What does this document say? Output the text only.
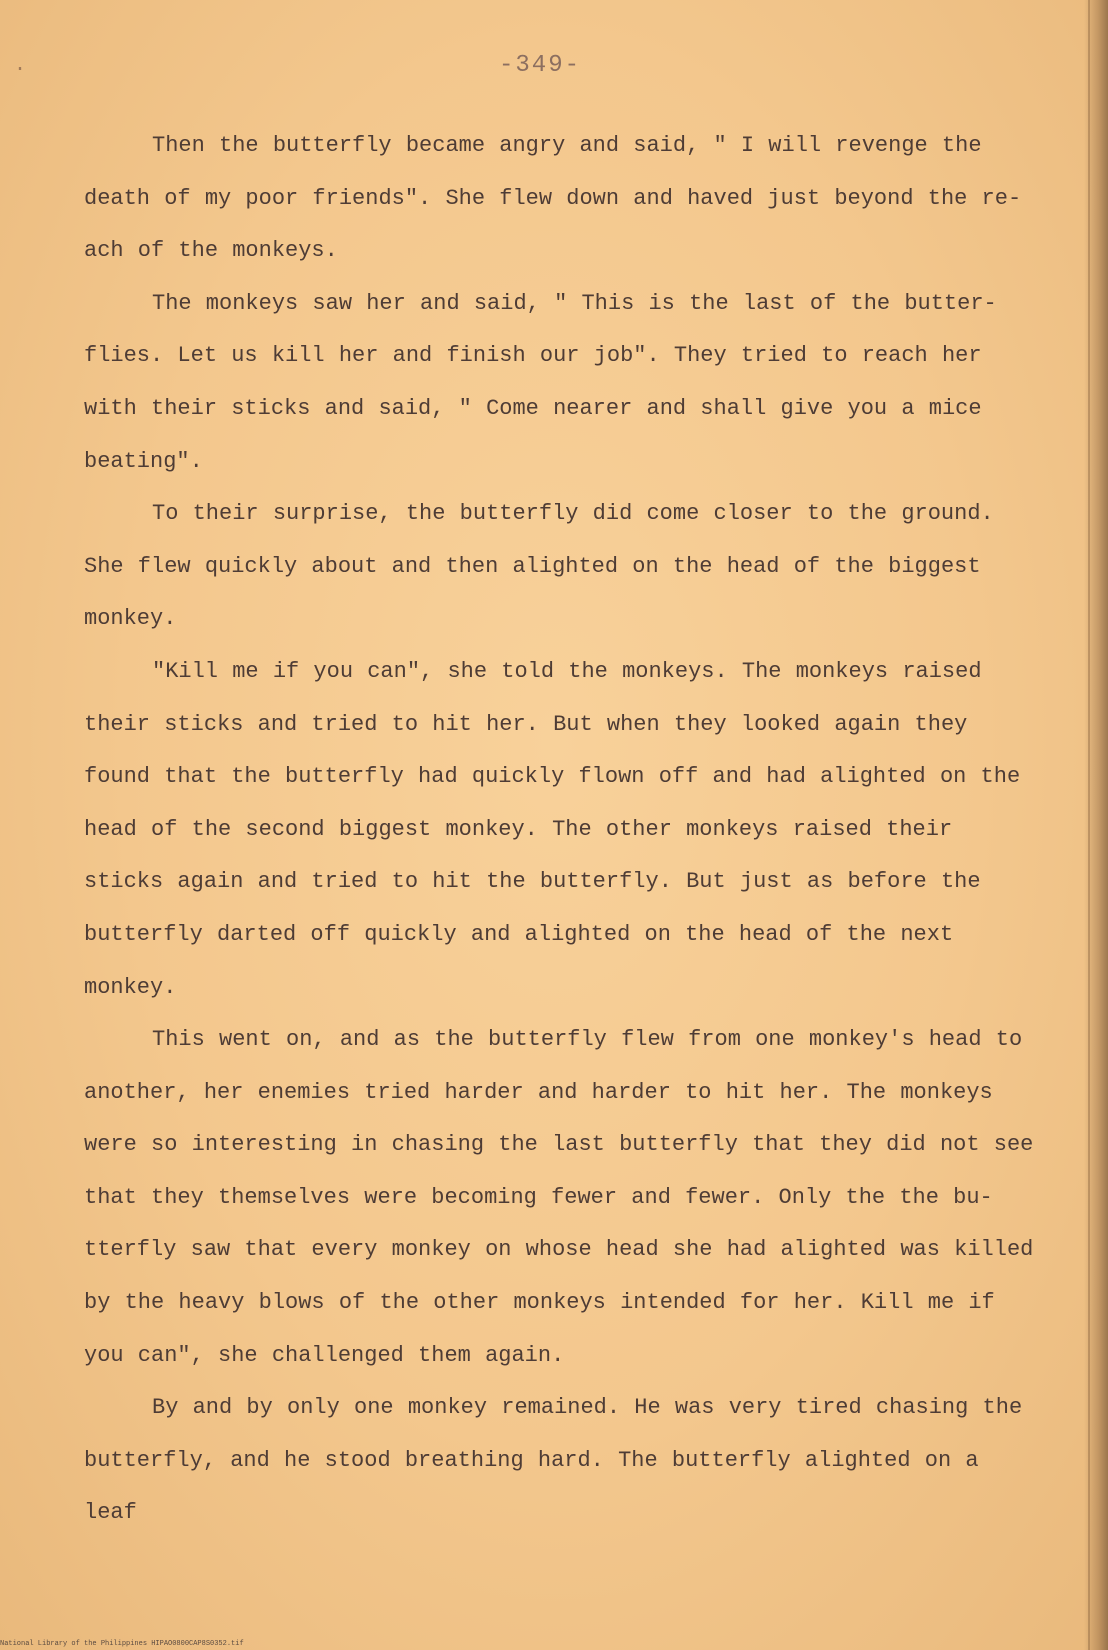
·	-349-

Then the butterfly became angry and said, " I will revenge the death of my poor friends". She flew down and haved just beyond the re- ach of the monkeys.

The monkeys saw her and said, " This is the last of the butter- flies. Let us kill her and finish our job". They tried to reach her with their sticks and said, " Come nearer and shall give you a mice beating".

To their surprise, the butterfly did come closer to the ground. She flew quickly about and then alighted on the head of the biggest monkey.

"Kill me if you can", she told the monkeys. The monkeys raised their sticks and tried to hit her. But when they looked again they found that the butterfly had quickly flown off and had alighted on the head of the second biggest monkey. The other monkeys raised their sticks again and tried to hit the butterfly. But just as before the butterfly darted off quickly and alighted on the head of the next monkey.

This went on, and as the butterfly flew from one monkey's head to another, her enemies tried harder and harder to hit her. The monkeys were so interesting in chasing the last butterfly that they did not see that they themselves were becoming fewer and fewer. Only the the bu- tterfly saw that every monkey on whose head she had alighted was killed by the heavy blows of the other monkeys intended for her. Kill me if you can", she challenged them again.

By and by only one monkey remained. He was very tired chasing the butterfly, and he stood breathing hard. The butterfly alighted on a leaf

National Library of the Philippines HIPAO0800CAP8S0352.tif
